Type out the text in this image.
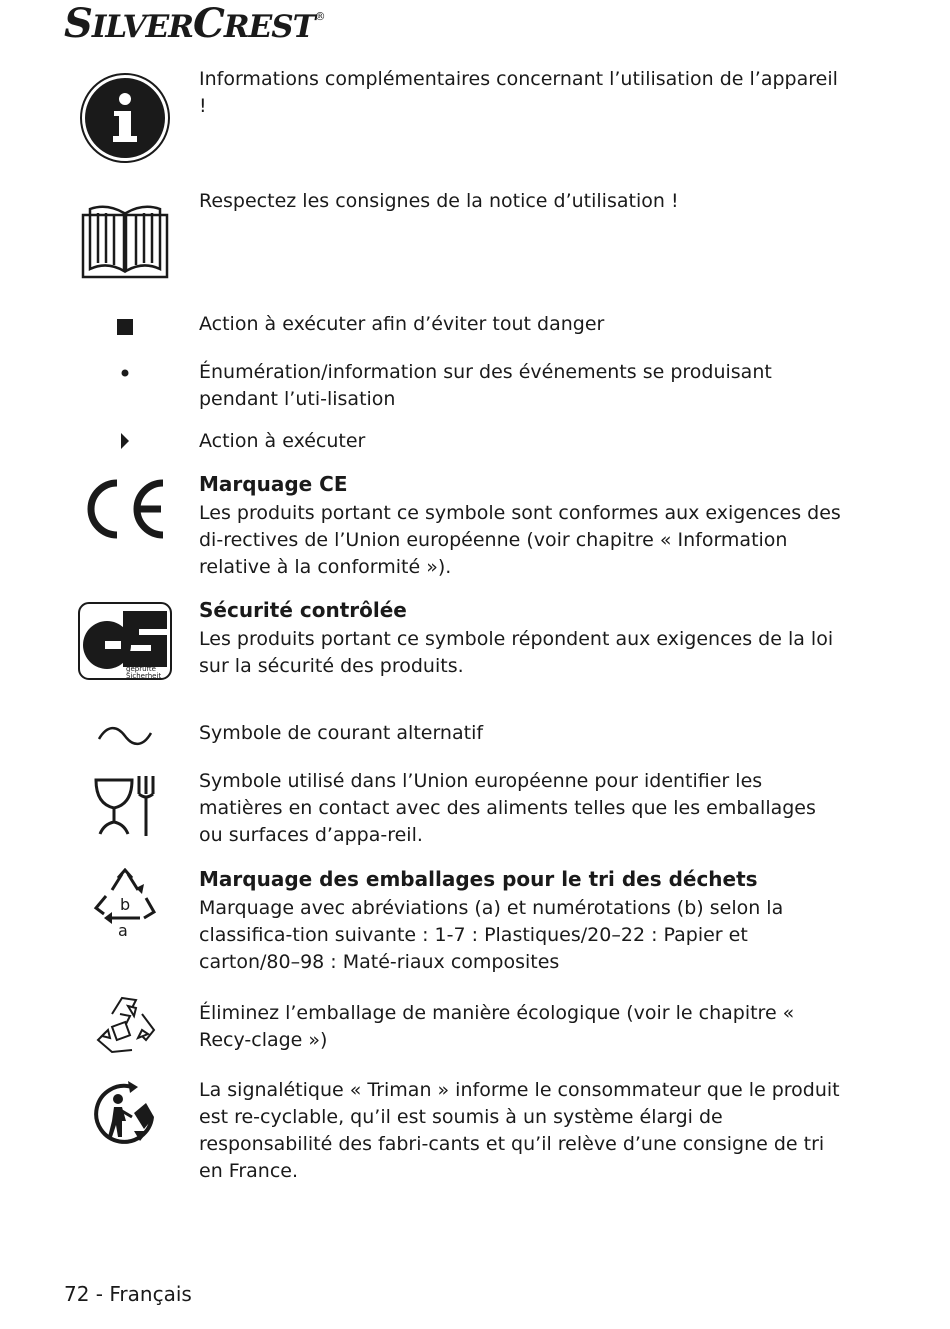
SILVERCREST®

Informations complémentaires concernant l’utilisation de l’appareil !

Respectez les consignes de la notice d’utilisation !

Action à exécuter afin d’éviter tout danger

Énumération/information sur des événements se produisant pendant l’uti-lisation

Action à exécuter

Marquage CE

Les produits portant ce symbole sont conformes aux exigences des di-rectives de l’Union européenne (voir chapitre « Information relative à la conformité »).

geprüfte
Sicherheit

Sécurité contrôlée

Les produits portant ce symbole répondent aux exigences de la loi sur la sécurité des produits.

Symbole de courant alternatif

Symbole utilisé dans l’Union européenne pour identifier les matières en contact avec des aliments telles que les emballages ou surfaces d’appa-reil.

b
a

Marquage des emballages pour le tri des déchets

Marquage avec abréviations (a) et numérotations (b) selon la classifica-tion suivante : 1-7 : Plastiques/20–22 : Papier et carton/80–98 : Maté-riaux composites

Éliminez l’emballage de manière écologique (voir le chapitre « Recy-clage »)

La signalétique « Triman » informe le consommateur que le produit est re-cyclable, qu’il est soumis à un système élargi de responsabilité des fabri-cants et qu’il relève d’une consigne de tri en France.

72 - Français
